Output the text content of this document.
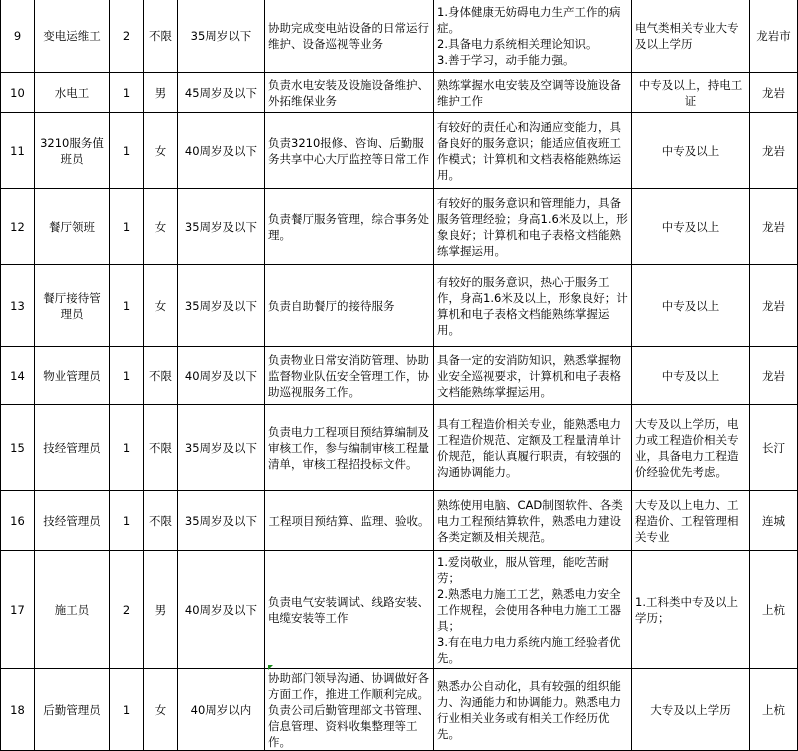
9	变电运维工	2	不限	35周岁以下	协助完成变电站设备的日常运行维护、设备巡视等业务	1.身体健康无妨碍电力生产工作的病症。
2.具备电力系统相关理论知识。
3.善于学习，动手能力强。	电气类相关专业大专及以上学历	龙岩市
10	水电工	1	男	45周岁及以下	负责水电安装及设施设备维护、外拓维保业务	熟练掌握水电安装及空调等设施设备维护工作	中专及以上，持电工证	龙岩
11	3210服务值班员	1	女	40周岁及以下	负责3210报修、咨询、后勤服务共享中心大厅监控等日常工作	有较好的责任心和沟通应变能力，具备良好的服务意识；能适应值夜班工作模式；计算机和文档表格能熟练运用。	中专及以上	龙岩
12	餐厅领班	1	女	35周岁及以下	负责餐厅服务管理，综合事务处理。	有较好的服务意识和管理能力，具备服务管理经验；身高1.6米及以上，形象良好；计算机和电子表格文档能熟练掌握运用。	中专及以上	龙岩
13	餐厅接待管理员	1	女	35周岁及以下	负责自助餐厅的接待服务	有较好的服务意识，热心于服务工作，身高1.6米及以上，形象良好；计算机和电子表格文档能熟练掌握运用。	中专及以上	龙岩
14	物业管理员	1	不限	40周岁及以下	负责物业日常安消防管理、协助监督物业队伍安全管理工作，协助巡视服务工作。	具备一定的安消防知识，熟悉掌握物业安全巡视要求，计算机和电子表格文档能熟练掌握运用。	中专及以上	龙岩
15	技经管理员	1	不限	35周岁及以下	负责电力工程项目预结算编制及审核工作，参与编制审核工程量清单，审核工程招投标文件。	具有工程造价相关专业，能熟悉电力工程造价规范、定额及工程量清单计价规范，能认真履行职责，有较强的沟通协调能力。	大专及以上学历，电力或工程造价相关专业，具备电力工程造价经验优先考虑。	长汀
16	技经管理员	1	不限	35周岁及以下	工程项目预结算、监理、验收。	熟练使用电脑、CAD制图软件、各类电力工程预结算软件，熟悉电力建设各类定额及相关规范。	大专及以上电力、工程造价、工程管理相关专业	连城
17	施工员	2	男	40周岁及以下	负责电气安装调试、线路安装、电缆安装等工作	1.爱岗敬业，服从管理，能吃苦耐劳；
2.熟悉电力施工工艺，熟悉电力安全工作规程，会使用各种电力施工工器具；
3.有在电力电力系统内施工经验者优先。	1.工科类中专及以上学历；	上杭
18	后勤管理员	1	女	40周岁以内	协助部门领导沟通、协调做好各方面工作，推进工作顺利完成。 负责公司后勤管理部文书管理、信息管理、资料收集整理等工作。	熟悉办公自动化，具有较强的组织能力、沟通能力和协调能力。熟悉电力行业相关业务或有相关工作经历优先。	大专及以上学历	上杭
